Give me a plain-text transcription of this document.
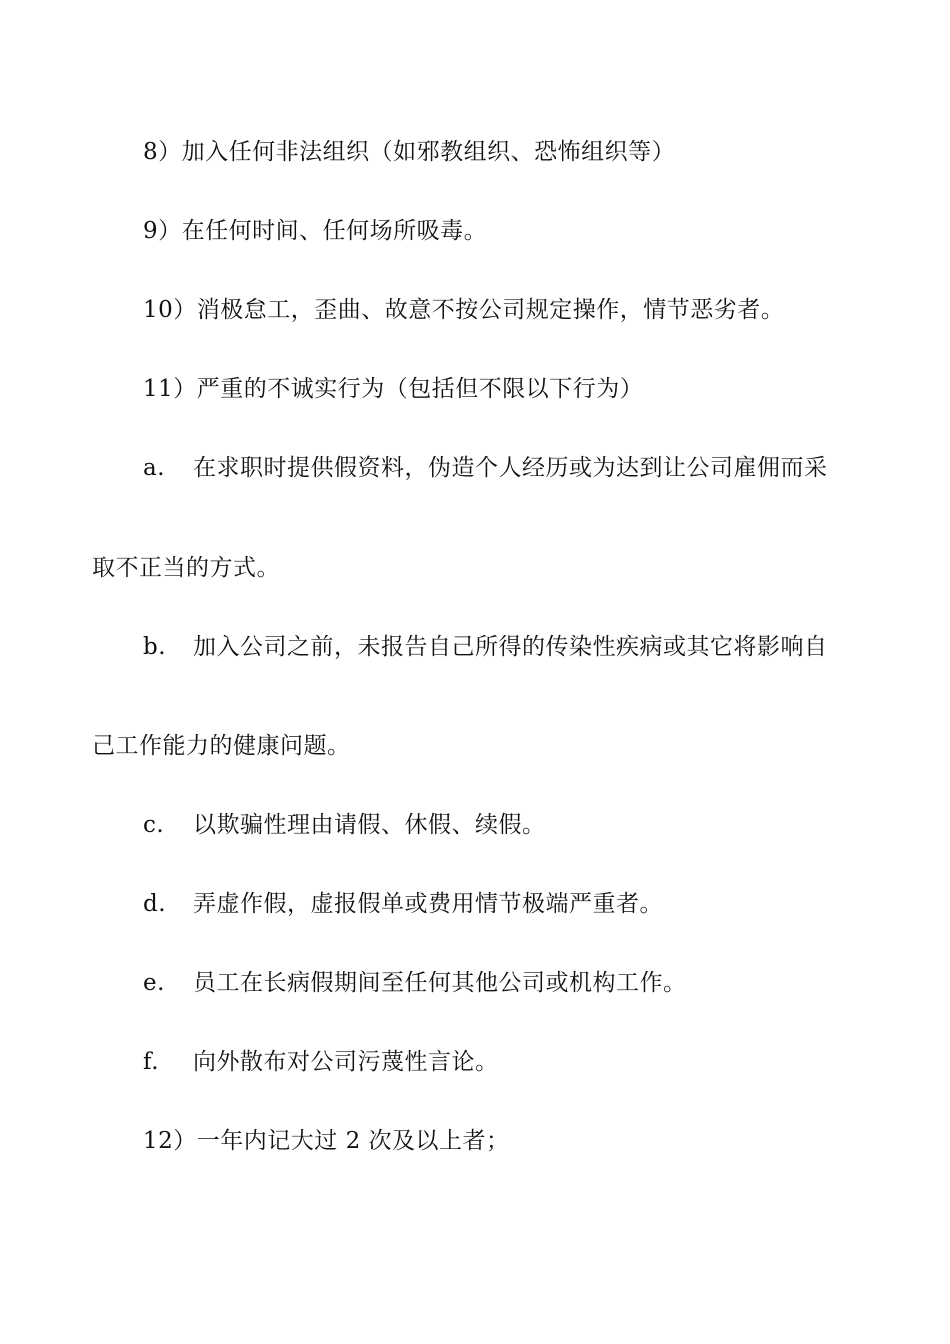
8）加入任何非法组织（如邪教组织、恐怖组织等）
9）在任何时间、任何场所吸毒。
10）消极怠工，歪曲、故意不按公司规定操作，情节恶劣者。
11）严重的不诚实行为（包括但不限以下行为）
a. 在求职时提供假资料，伪造个人经历或为达到让公司雇佣而采
取不正当的方式。
b. 加入公司之前，未报告自己所得的传染性疾病或其它将影响自
己工作能力的健康问题。
c. 以欺骗性理由请假、休假、续假。
d. 弄虚作假，虚报假单或费用情节极端严重者。
e. 员工在长病假期间至任何其他公司或机构工作。
f. 向外散布对公司污蔑性言论。
12）一年内记大过 2 次及以上者；
